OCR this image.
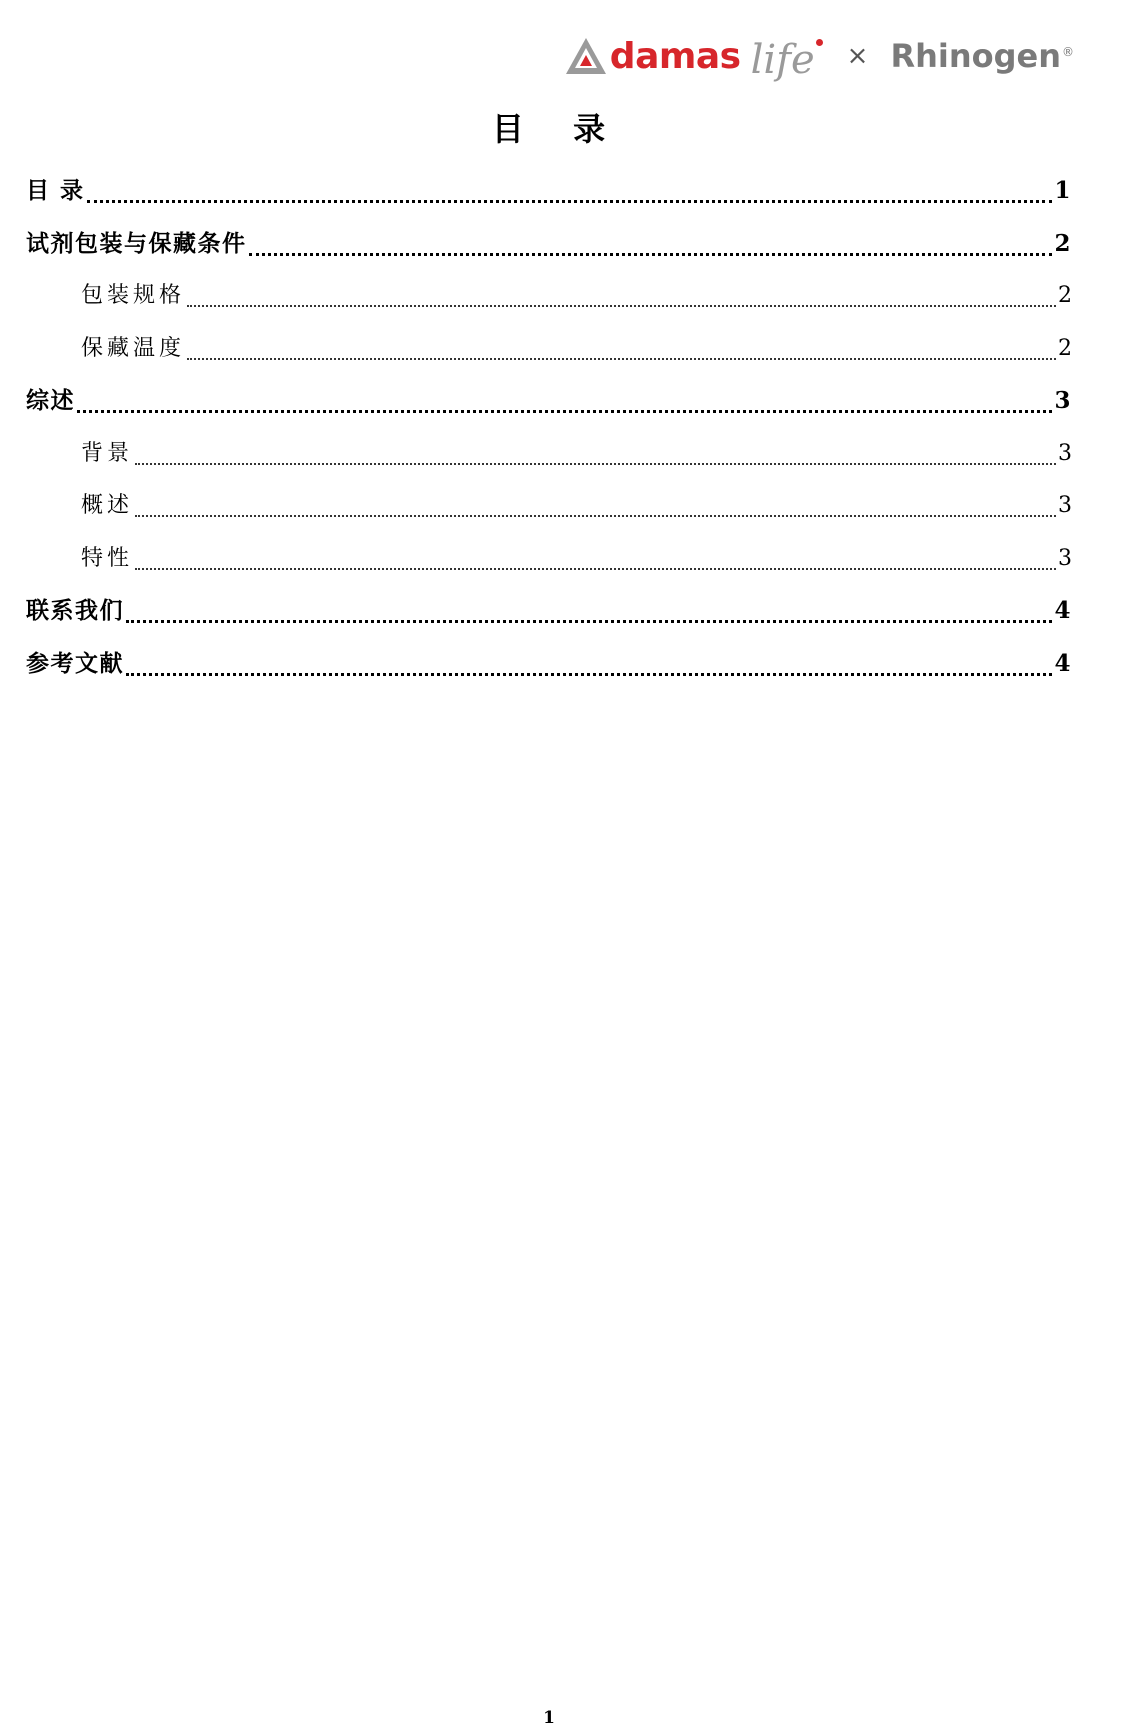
damas life × Rhinogen ®
目 录
目 录	1
试剂包装与保藏条件	2
包装规格	2
保藏温度	2
综述	3
背景	3
概述	3
特性	3
联系我们	4
参考文献	4
1
